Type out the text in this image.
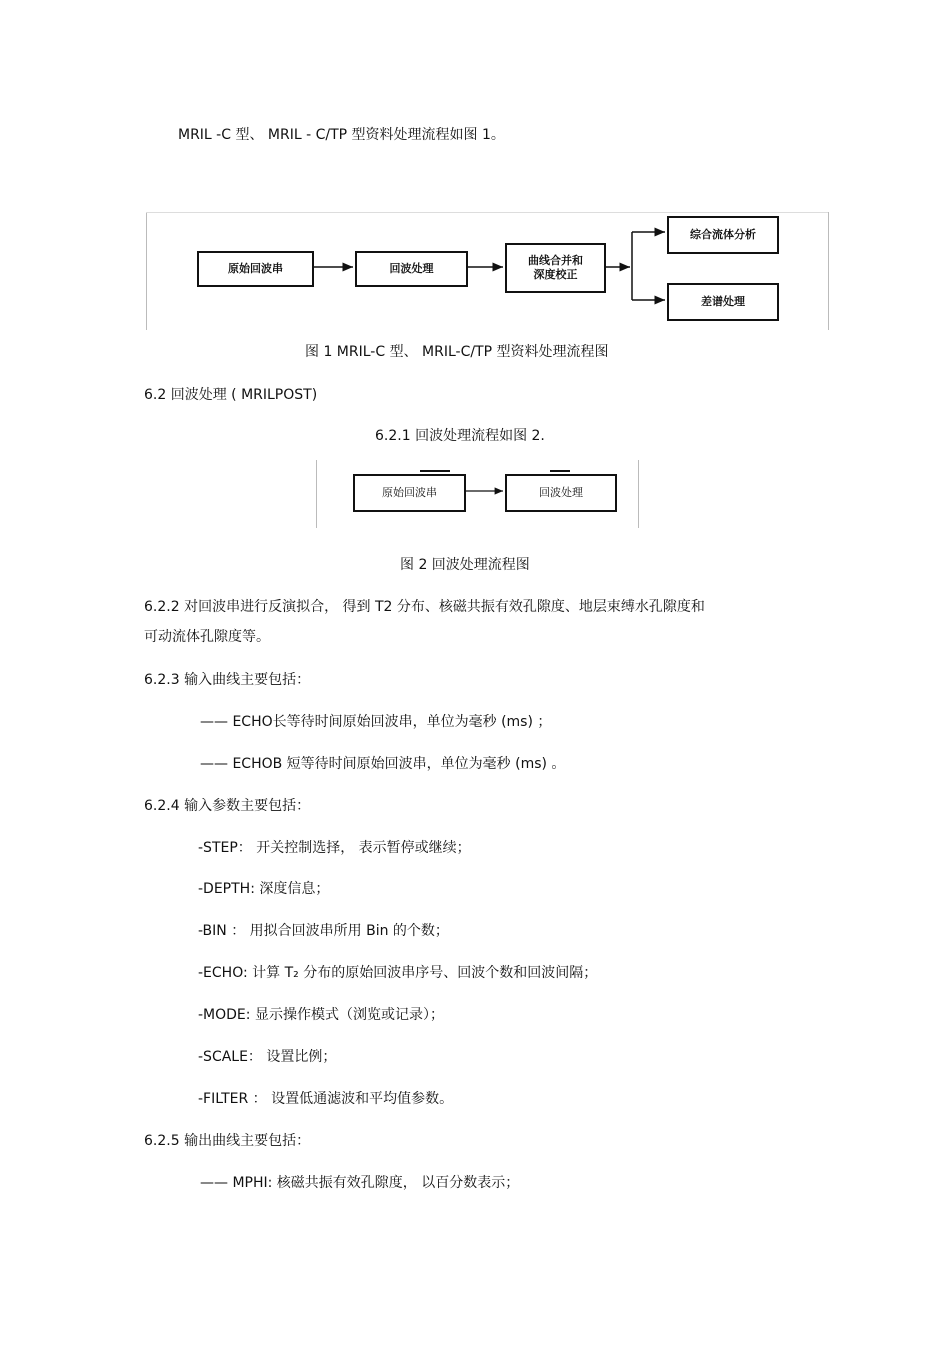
MRIL -C 型、 MRIL - C/TP 型资料处理流程如图 1。
原始回波串	回波处理
曲线合并和
深度校正
综合流体分析
差谱处理
图 1 MRIL-C 型、 MRIL-C/TP 型资料处理流程图
6.2 回波处理 ( MRILPOST)
6.2.1 回波处理流程如图 2.
原始回波串	回波处理
图 2 回波处理流程图
6.2.2 对回波串进行反演拟合， 得到 T2 分布、核磁共振有效孔隙度、地层束缚水孔隙度和
可动流体孔隙度等。
6.2.3 输入曲线主要包括：
—— ECHO长等待时间原始回波串，单位为毫秒 (ms) ；
—— ECHOB 短等待时间原始回波串，单位为毫秒 (ms) 。
6.2.4 输入参数主要包括：
-STEP： 开关控制选择， 表示暂停或继续；
-DEPTH: 深度信息；
-BIN ： 用拟合回波串所用 Bin 的个数；
-ECHO: 计算 T₂ 分布的原始回波串序号、回波个数和回波间隔；
-MODE: 显示操作模式（浏览或记录）；
-SCALE： 设置比例；
-FILTER ： 设置低通滤波和平均值参数。
6.2.5 输出曲线主要包括：
—— MPHI: 核磁共振有效孔隙度， 以百分数表示；
